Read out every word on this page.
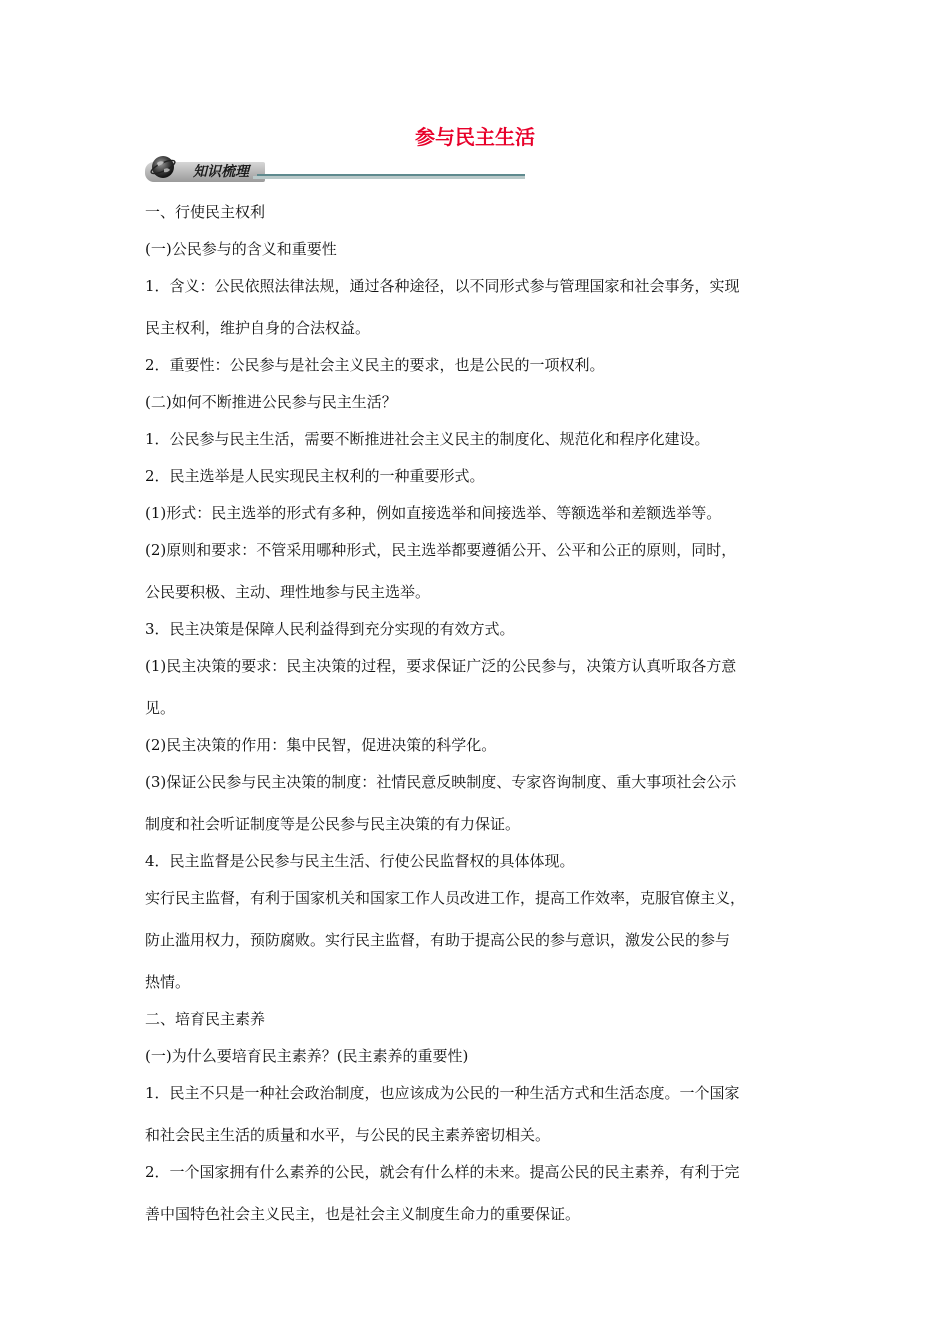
参与民主生活
知识梳理

一、行使民主权利

(一)公民参与的含义和重要性

1．含义：公民依照法律法规，通过各种途径，以不同形式参与管理国家和社会事务，实现

民主权利，维护自身的合法权益。

2．重要性：公民参与是社会主义民主的要求，也是公民的一项权利。

(二)如何不断推进公民参与民主生活？

1．公民参与民主生活，需要不断推进社会主义民主的制度化、规范化和程序化建设。

2．民主选举是人民实现民主权利的一种重要形式。

(1)形式：民主选举的形式有多种，例如直接选举和间接选举、等额选举和差额选举等。

(2)原则和要求：不管采用哪种形式，民主选举都要遵循公开、公平和公正的原则，同时，

公民要积极、主动、理性地参与民主选举。

3．民主决策是保障人民利益得到充分实现的有效方式。

(1)民主决策的要求：民主决策的过程，要求保证广泛的公民参与，决策方认真听取各方意

见。

(2)民主决策的作用：集中民智，促进决策的科学化。

(3)保证公民参与民主决策的制度：社情民意反映制度、专家咨询制度、重大事项社会公示

制度和社会听证制度等是公民参与民主决策的有力保证。

4．民主监督是公民参与民主生活、行使公民监督权的具体体现。

实行民主监督，有利于国家机关和国家工作人员改进工作，提高工作效率，克服官僚主义，

防止滥用权力，预防腐败。实行民主监督，有助于提高公民的参与意识，激发公民的参与

热情。

二、培育民主素养

(一)为什么要培育民主素养？(民主素养的重要性)

1．民主不只是一种社会政治制度，也应该成为公民的一种生活方式和生活态度。一个国家

和社会民主生活的质量和水平，与公民的民主素养密切相关。

2．一个国家拥有什么素养的公民，就会有什么样的未来。提高公民的民主素养，有利于完

善中国特色社会主义民主，也是社会主义制度生命力的重要保证。
